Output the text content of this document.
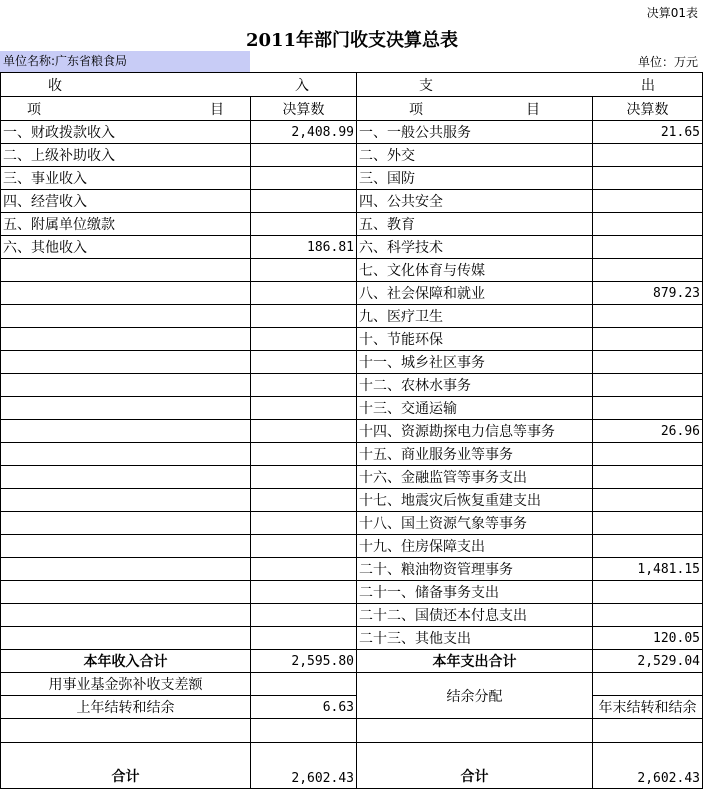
决算01表
2011年部门收支决算总表
单位名称:广东省粮食局	单位：万元
收 入		支 出		

项 目	决算数	项 目	决算数	
一、财政拨款收入	2,408.99	一、一般公共服务	21.65	
二、上级补助收入		二、外交		
三、事业收入		三、国防		
四、经营收入		四、公共安全		
五、附属单位缴款		五、教育		
六、其他收入	186.81	六、科学技术		
		七、文化体育与传媒		
		八、社会保障和就业	879.23	
		九、医疗卫生		
		十、节能环保		
		十一、城乡社区事务		
		十二、农林水事务		
		十三、交通运输		
		十四、资源勘探电力信息等事务	26.96	
		十五、商业服务业等事务		
		十六、金融监管等事务支出		
		十七、地震灾后恢复重建支出		
		十八、国土资源气象等事务		
		十九、住房保障支出		
		二十、粮油物资管理事务	1,481.15	
		二十一、储备事务支出		
		二十二、国债还本付息支出		
		二十三、其他支出	120.05	
本年收入合计	2,595.80	本年支出合计	2,529.04	
用事业基金弥补收支差额		结余分配		
上年结转和结余	6.63		年末结转和结余	

合计	2,602.43	合计	2,602.43	
